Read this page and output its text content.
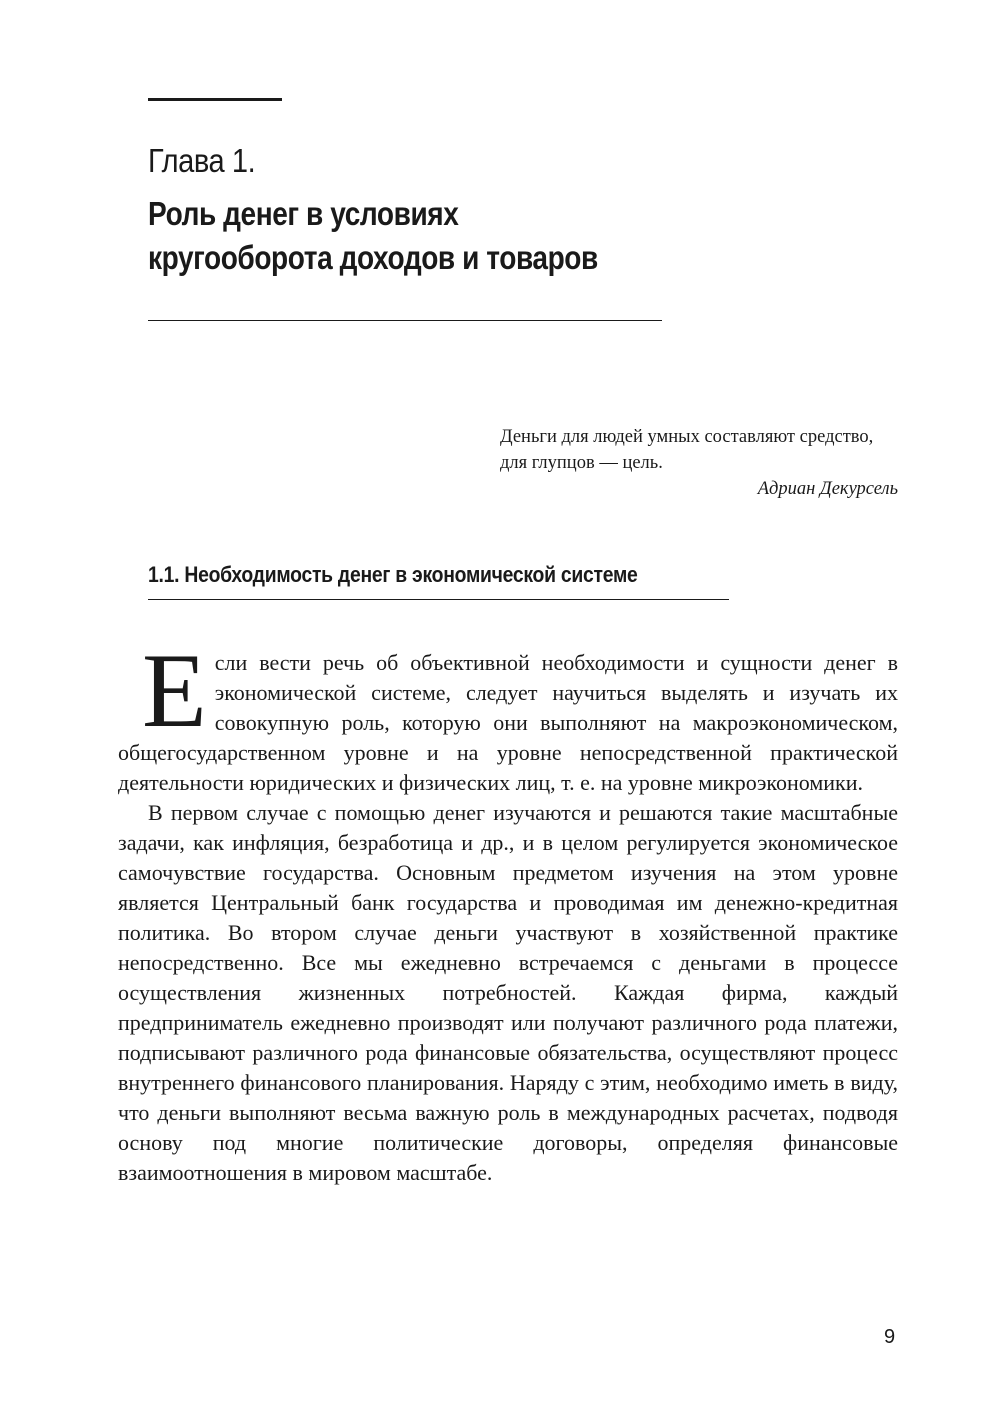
Глава 1.
Роль денег в условиях
кругооборота доходов и товаров
Деньги для людей умных составляют средство, для глупцов — цель.
Адриан Декурсель
1.1. Необходимость денег в экономической системе

Если вести речь об объективной необходимости и сущности денег в экономической системе, следует научиться выделять и изучать их совокупную роль, которую они выполняют на макроэкономическом, общегосударственном уровне и на уровне непосредственной практической деятельности юридических и физических лиц, т. е. на уровне микроэкономики.

В первом случае с помощью денег изучаются и решаются такие масштабные задачи, как инфляция, безработица и др., и в целом регулируется экономическое самочувствие государства. Основным предметом изучения на этом уровне является Центральный банк государства и проводимая им денежно-кредитная политика. Во втором случае деньги участвуют в хозяйственной практике непосредственно. Все мы ежедневно встречаемся с деньгами в процессе осуществления жизненных потребностей. Каждая фирма, каждый предприниматель ежедневно производят или получают различного рода платежи, подписывают различного рода финансовые обязательства, осуществляют процесс внутреннего финансового планирования. Наряду с этим, необходимо иметь в виду, что деньги выполняют весьма важную роль в международных расчетах, подводя основу под многие политические договоры, определяя финансовые взаимоотношения в мировом масштабе.

9
